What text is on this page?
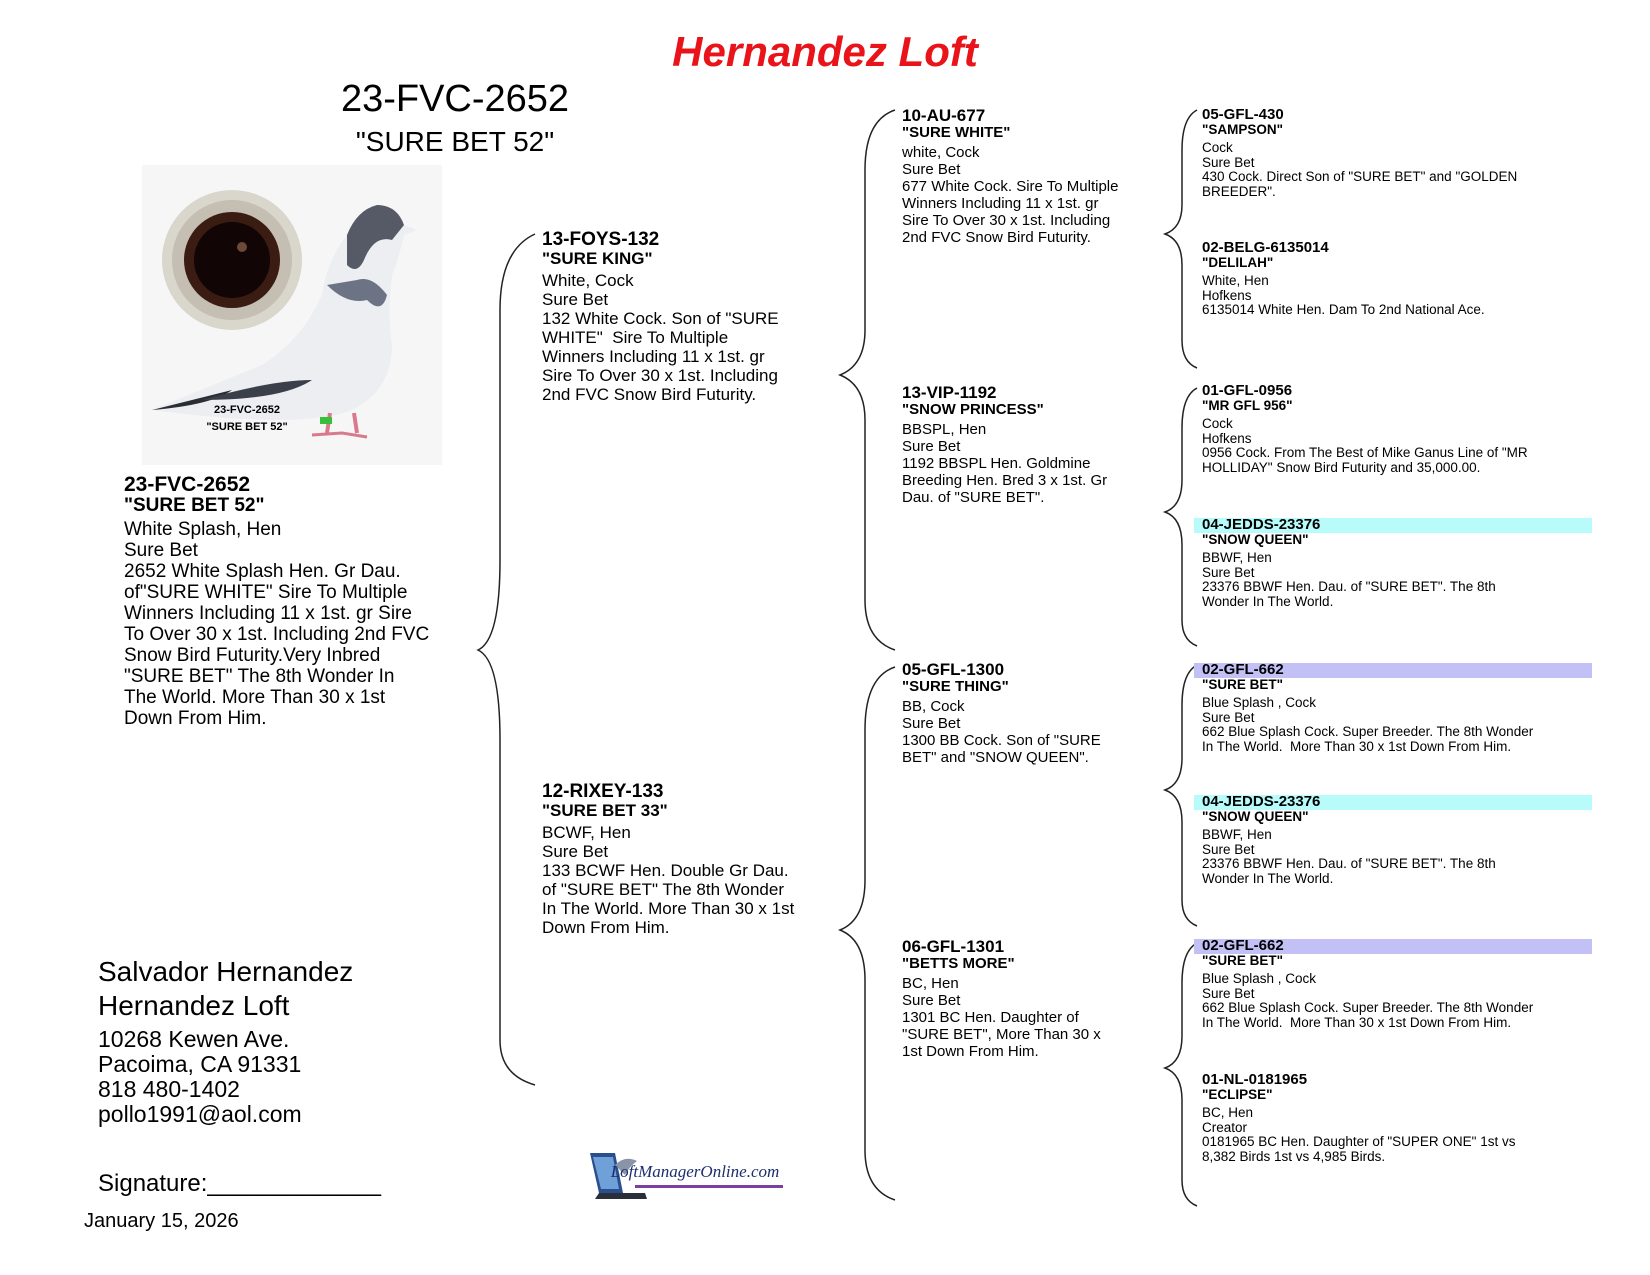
Hernandez Loft
23-FVC-2652
"SURE BET 52"
23-FVC-2652
"SURE BET 52"
23-FVC-2652
"SURE BET 52"
White Splash, Hen
Sure Bet
2652 White Splash Hen. Gr Dau.
of"SURE WHITE" Sire To Multiple
Winners Including 11 x 1st. gr Sire
To Over 30 x 1st. Including 2nd FVC
Snow Bird Futurity.Very Inbred
"SURE BET" The 8th Wonder In
The World. More Than 30 x 1st
Down From Him.
13-FOYS-132
"SURE KING"
White, Cock
Sure Bet
132 White Cock. Son of "SURE
WHITE"  Sire To Multiple
Winners Including 11 x 1st. gr
Sire To Over 30 x 1st. Including
2nd FVC Snow Bird Futurity.
12-RIXEY-133
"SURE BET 33"
BCWF, Hen
Sure Bet
133 BCWF Hen. Double Gr Dau.
of "SURE BET" The 8th Wonder
In The World. More Than 30 x 1st
Down From Him.
10-AU-677
"SURE WHITE"
white, Cock
Sure Bet
677 White Cock. Sire To Multiple
Winners Including 11 x 1st. gr
Sire To Over 30 x 1st. Including
2nd FVC Snow Bird Futurity.
13-VIP-1192
"SNOW PRINCESS"
BBSPL, Hen
Sure Bet
1192 BBSPL Hen. Goldmine
Breeding Hen. Bred 3 x 1st. Gr
Dau. of "SURE BET".
05-GFL-1300
"SURE THING"
BB, Cock
Sure Bet
1300 BB Cock. Son of "SURE
BET" and "SNOW QUEEN".
06-GFL-1301
"BETTS MORE"
BC, Hen
Sure Bet
1301 BC Hen. Daughter of
"SURE BET", More Than 30 x
1st Down From Him.
05-GFL-430
"SAMPSON"
Cock
Sure Bet
430 Cock. Direct Son of "SURE BET" and "GOLDEN
BREEDER".
02-BELG-6135014
"DELILAH"
White, Hen
Hofkens
6135014 White Hen. Dam To 2nd National Ace.
01-GFL-0956
"MR GFL 956"
Cock
Hofkens
0956 Cock. From The Best of Mike Ganus Line of "MR
HOLLIDAY" Snow Bird Futurity and 35,000.00.
04-JEDDS-23376
"SNOW QUEEN"
BBWF, Hen
Sure Bet
23376 BBWF Hen. Dau. of "SURE BET". The 8th
Wonder In The World.
02-GFL-662
"SURE BET"
Blue Splash , Cock
Sure Bet
662 Blue Splash Cock. Super Breeder. The 8th Wonder
In The World.  More Than 30 x 1st Down From Him.
04-JEDDS-23376
"SNOW QUEEN"
BBWF, Hen
Sure Bet
23376 BBWF Hen. Dau. of "SURE BET". The 8th
Wonder In The World.
02-GFL-662
"SURE BET"
Blue Splash , Cock
Sure Bet
662 Blue Splash Cock. Super Breeder. The 8th Wonder
In The World.  More Than 30 x 1st Down From Him.
01-NL-0181965
"ECLIPSE"
BC, Hen
Creator
0181965 BC Hen. Daughter of "SUPER ONE" 1st vs
8,382 Birds 1st vs 4,985 Birds.
Salvador Hernandez
Hernandez Loft
10268 Kewen Ave.
Pacoima, CA 91331
818 480-1402
pollo1991@aol.com
Signature:_____________
January 15, 2026
LoftManagerOnline.com
